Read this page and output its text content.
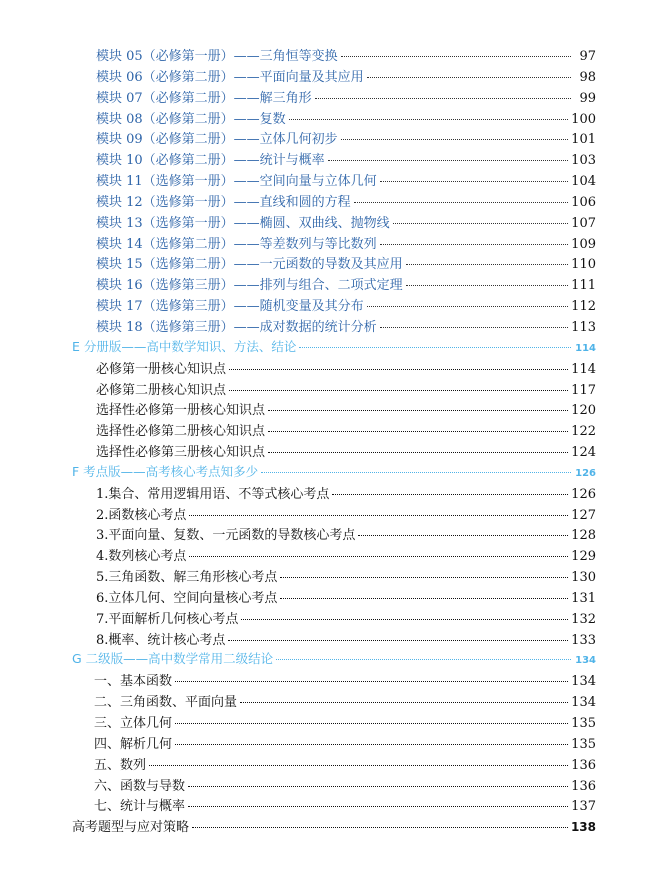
模块 05（必修第一册）——三角恒等变换	97
模块 06（必修第二册）——平面向量及其应用	98
模块 07（必修第二册）——解三角形	99
模块 08（必修第二册）——复数	100
模块 09（必修第二册）——立体几何初步	101
模块 10（必修第二册）——统计与概率	103
模块 11（选修第一册）——空间向量与立体几何	104
模块 12（选修第一册）——直线和圆的方程	106
模块 13（选修第一册）——椭圆、双曲线、抛物线	107
模块 14（选修第二册）——等差数列与等比数列	109
模块 15（选修第二册）——一元函数的导数及其应用	110
模块 16（选修第三册）——排列与组合、二项式定理	111
模块 17（选修第三册）——随机变量及其分布	112
模块 18（选修第三册）——成对数据的统计分析	113
E 分册版——高中数学知识、方法、结论	114
必修第一册核心知识点	114
必修第二册核心知识点	117
选择性必修第一册核心知识点	120
选择性必修第二册核心知识点	122
选择性必修第三册核心知识点	124
F 考点版——高考核心考点知多少	126
1.集合、常用逻辑用语、不等式核心考点	126
2.函数核心考点	127
3.平面向量、复数、一元函数的导数核心考点	128
4.数列核心考点	129
5.三角函数、解三角形核心考点	130
6.立体几何、空间向量核心考点	131
7.平面解析几何核心考点	132
8.概率、统计核心考点	133
G 二级版——高中数学常用二级结论	134
一、基本函数	134
二、三角函数、平面向量	134
三、立体几何	135
四、解析几何	135
五、数列	136
六、函数与导数	136
七、统计与概率	137
高考题型与应对策略	138
